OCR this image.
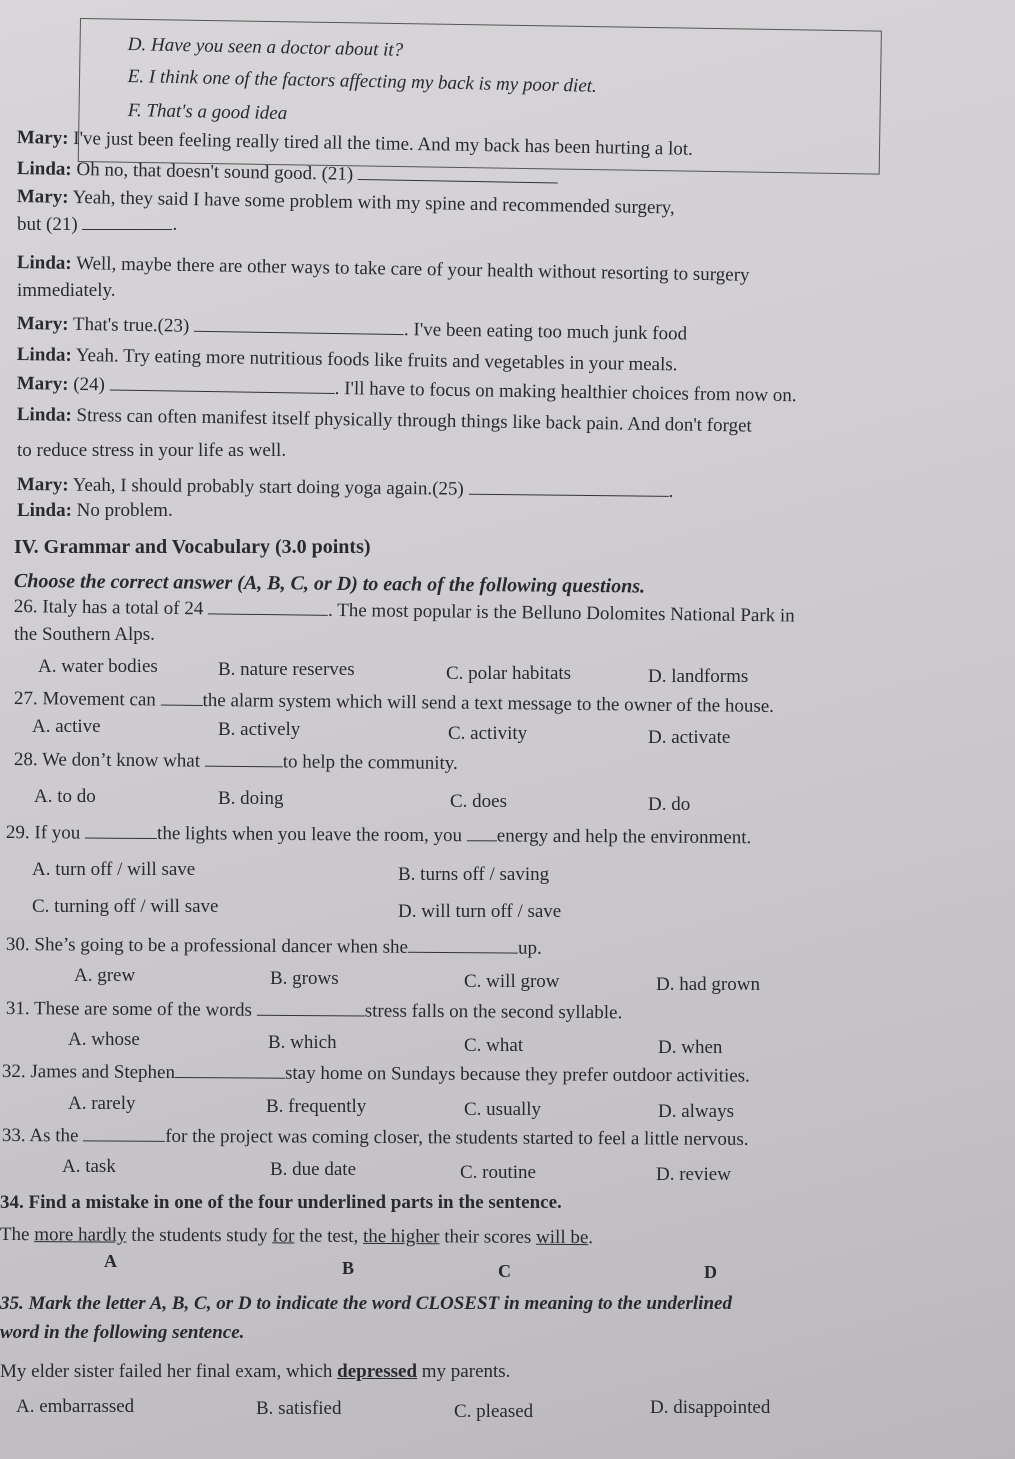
D. Have you seen a doctor about it?
E. I think one of the factors affecting my back is my poor diet.
F. That's a good idea
Mary: I've just been feeling really tired all the time. And my back has been hurting a lot.
Linda: Oh no, that doesn't sound good. (21)
Mary: Yeah, they said I have some problem with my spine and recommended surgery,
but (21)	.
Linda: Well, maybe there are other ways to take care of your health without resorting to surgery
immediately.
Mary: That's true.(23)	. I've been eating too much junk food
Linda: Yeah. Try eating more nutritious foods like fruits and vegetables in your meals.
Mary: (24)	. I'll have to focus on making healthier choices from now on.
Linda: Stress can often manifest itself physically through things like back pain. And don't forget
to reduce stress in your life as well.
Mary: Yeah, I should probably start doing yoga again.(25)	.
Linda: No problem.
IV. Grammar and Vocabulary (3.0 points)
Choose the correct answer (A, B, C, or D) to each of the following questions.
26. Italy has a total of 24	. The most popular is the Belluno Dolomites National Park in
the Southern Alps.
A. water bodies	B. nature reserves	C. polar habitats	D. landforms
27. Movement can the alarm system which will send a text message to the owner of the house.
A. active	B. actively	C. activity	D. activate
28. We don’t know what	to help the community.
A. to do	B. doing	C. does	D. do
29. If you	the lights when you leave the room, you energy and help the environment.
A. turn off / will save	B. turns off / saving
C. turning off / will save	D. will turn off / save
30. She’s going to be a professional dancer when she	up.
A. grew	B. grows	C. will grow	D. had grown
31. These are some of the words	stress falls on the second syllable.
A. whose	B. which	C. what	D. when
32. James and Stephen	stay home on Sundays because they prefer outdoor activities.
A. rarely	B. frequently	C. usually	D. always
33. As the	for the project was coming closer, the students started to feel a little nervous.
A. task	B. due date	C. routine	D. review
34. Find a mistake in one of the four underlined parts in the sentence.
The more hardly the students study for the test, the higher their scores will be.
A	B	C	D
35. Mark the letter A, B, C, or D to indicate the word CLOSEST in meaning to the underlined
word in the following sentence.
My elder sister failed her final exam, which depressed my parents.
A. embarrassed	B. satisfied	C. pleased	D. disappointed
